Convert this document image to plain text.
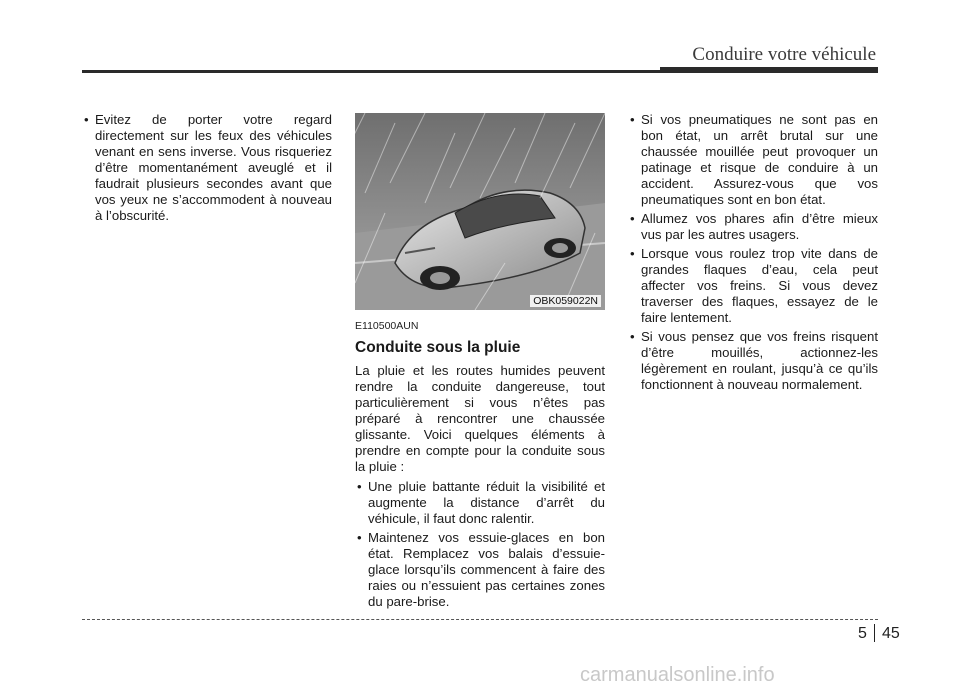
Conduire votre véhicule
• Evitez de porter votre regard directement sur les feux des véhicules venant en sens inverse. Vous risqueriez d’être momentanément aveuglé et il faudrait plusieurs secondes avant que vos yeux ne s’accommodent à nouveau à l’obscurité.
OBK059022N
E110500AUN
Conduite sous la pluie
La pluie et les routes humides peuvent rendre la conduite dangereuse, tout particulièrement si vous n’êtes pas préparé à rencontrer une chaussée glissante. Voici quelques éléments à prendre en compte pour la conduite sous la pluie :
• Une pluie battante réduit la visibilité et augmente la distance d’arrêt du véhicule, il faut donc ralentir.
• Maintenez vos essuie-glaces en bon état. Remplacez vos balais d’essuie-glace lorsqu’ils commencent à faire des raies ou n’essuient pas certaines zones du pare-brise.
• Si vos pneumatiques ne sont pas en bon état, un arrêt brutal sur une chaussée mouillée peut provoquer un patinage et risque de conduire à un accident. Assurez-vous que vos pneumatiques sont en bon état.
• Allumez vos phares afin d’être mieux vus par les autres usagers.
• Lorsque vous roulez trop vite dans de grandes flaques d’eau, cela peut affecter vos freins. Si vous devez traverser des flaques, essayez de le faire lentement.
• Si vous pensez que vos freins risquent d’être mouillés, actionnez-les légèrement en roulant, jusqu’à ce qu’ils fonctionnent à nouveau normalement.
5 45
carmanualsonline.info
